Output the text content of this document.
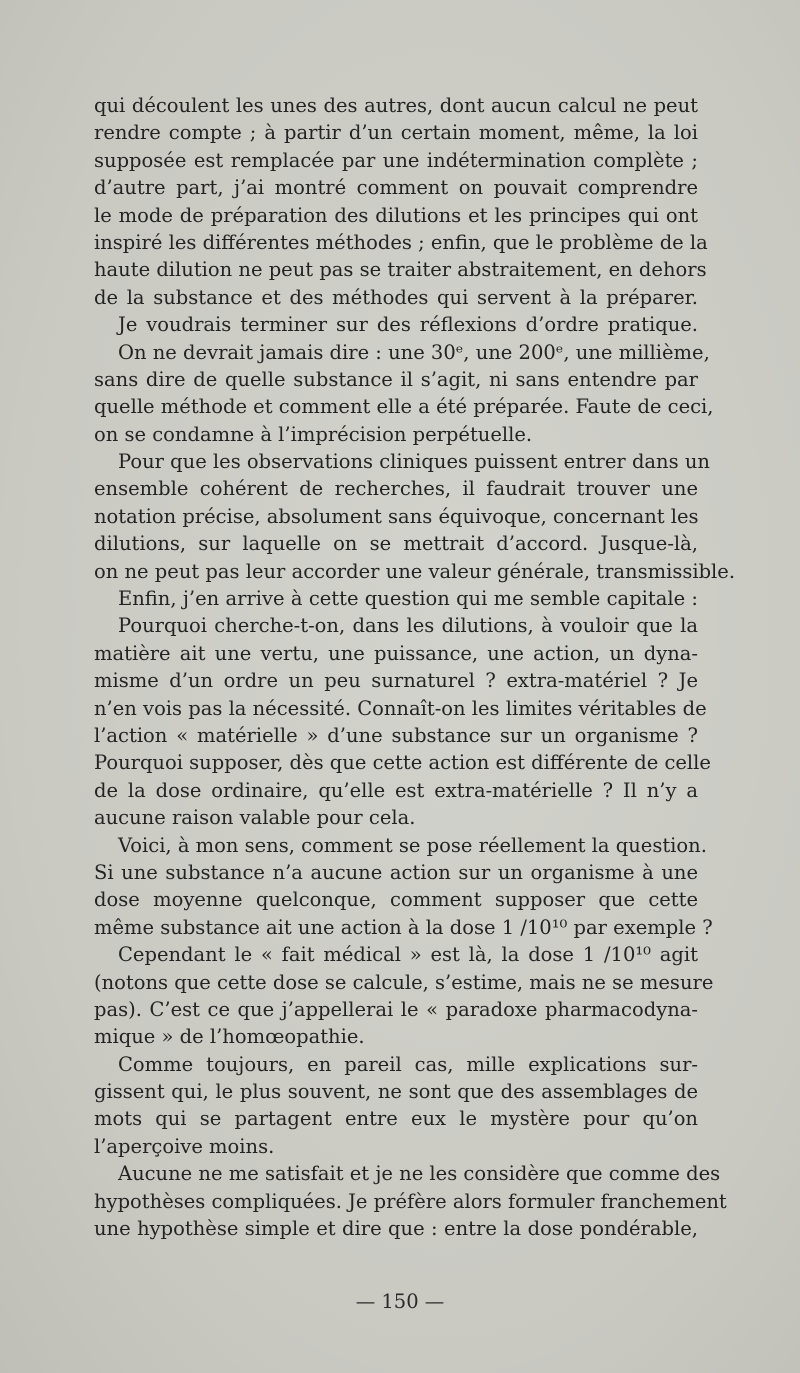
qui découlent les unes des autres, dont aucun calcul ne peut
rendre compte ; à partir d’un certain moment, même, la loi
supposée est remplacée par une indétermination complète ;
d’autre part, j’ai montré comment on pouvait comprendre
le mode de préparation des dilutions et les principes qui ont
inspiré les différentes méthodes ; enfin, que le problème de la
haute dilution ne peut pas se traiter abstraitement, en dehors
de la substance et des méthodes qui servent à la préparer.
Je voudrais terminer sur des réflexions d’ordre pratique.
On ne devrait jamais dire : une 30ᵉ, une 200ᵉ, une millième,
sans dire de quelle substance il s’agit, ni sans entendre par
quelle méthode et comment elle a été préparée. Faute de ceci,
on se condamne à l’imprécision perpétuelle.
Pour que les observations cliniques puissent entrer dans un
ensemble cohérent de recherches, il faudrait trouver une
notation précise, absolument sans équivoque, concernant les
dilutions, sur laquelle on se mettrait d’accord. Jusque-là,
on ne peut pas leur accorder une valeur générale, transmissible.
Enfin, j’en arrive à cette question qui me semble capitale :
Pourquoi cherche-t-on, dans les dilutions, à vouloir que la
matière ait une vertu, une puissance, une action, un dyna-
misme d’un ordre un peu surnaturel ? extra-matériel ? Je
n’en vois pas la nécessité. Connaît-on les limites véritables de
l’action « matérielle » d’une substance sur un organisme ?
Pourquoi supposer, dès que cette action est différente de celle
de la dose ordinaire, qu’elle est extra-matérielle ? Il n’y a
aucune raison valable pour cela.
Voici, à mon sens, comment se pose réellement la question.
Si une substance n’a aucune action sur un organisme à une
dose moyenne quelconque, comment supposer que cette
même substance ait une action à la dose 1 /10¹⁰ par exemple ?
Cependant le « fait médical » est là, la dose 1 /10¹⁰ agit
(notons que cette dose se calcule, s’estime, mais ne se mesure
pas). C’est ce que j’appellerai le « paradoxe pharmacodyna-
mique » de l’homœopathie.
Comme toujours, en pareil cas, mille explications sur-
gissent qui, le plus souvent, ne sont que des assemblages de
mots qui se partagent entre eux le mystère pour qu’on
l’aperçoive moins.
Aucune ne me satisfait et je ne les considère que comme des
hypothèses compliquées. Je préfère alors formuler franchement
une hypothèse simple et dire que : entre la dose pondérable,
— 150 —
